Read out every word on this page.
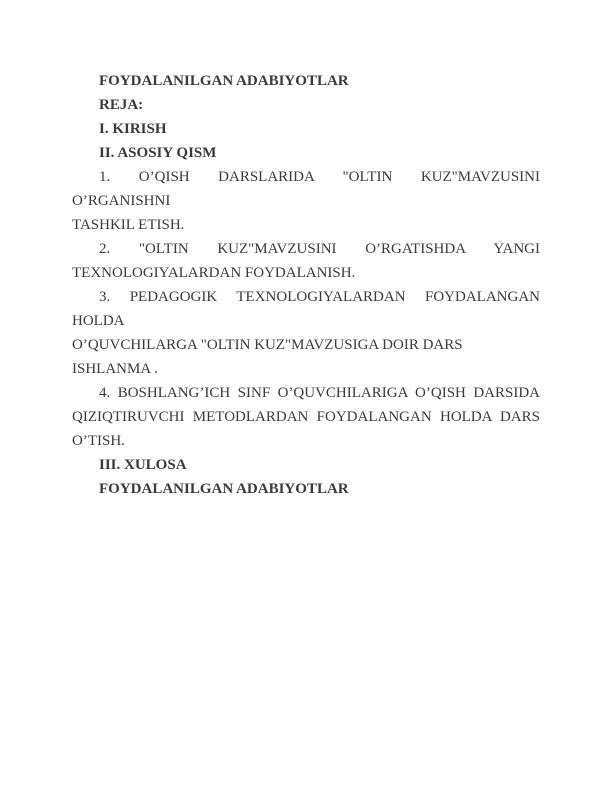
FOYDALANILGAN ADABIYOTLAR

REJA:

I. KIRISH

II. ASOSIY QISM

1. O’QISH DARSLARIDA "OLTIN KUZ"MAVZUSINI O’RGANISHNI

TASHKIL ETISH.

2. "OLTIN KUZ"MAVZUSINI O’RGATISHDA YANGI

TEXNOLOGIYALARDAN FOYDALANISH.

3. PEDAGOGIK TEXNOLOGIYALARDAN FOYDALANGAN HOLDA

O’QUVCHILARGA "OLTIN KUZ"MAVZUSIGA DOIR DARS ISHLANMA .

4. BOSHLANG’ICH SINF O’QUVCHILARIGA O’QISH DARSIDA

QIZIQTIRUVCHI METODLARDAN FOYDALANGAN HOLDA DARS

O’TISH.

III. XULOSA

FOYDALANILGAN ADABIYOTLAR
